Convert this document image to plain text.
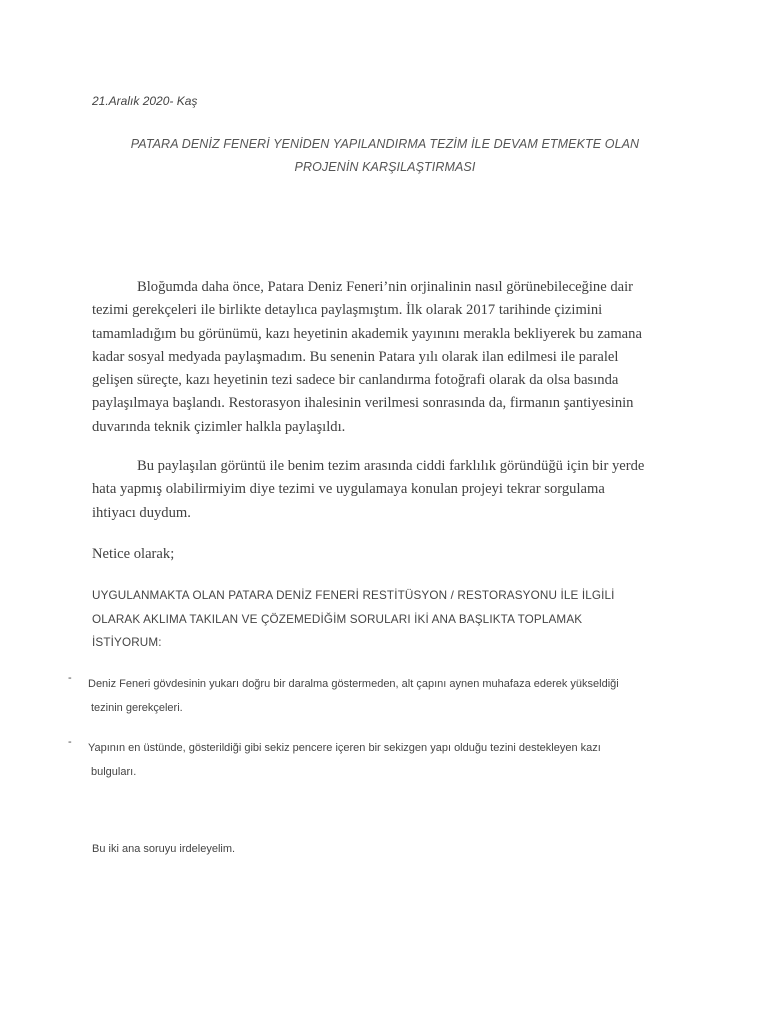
21.Aralık 2020- Kaş
PATARA DENİZ FENERİ YENİDEN YAPILANDIRMA TEZİM İLE DEVAM ETMEKTE OLAN
PROJENİN KARŞILAŞTIRMASI
Bloğumda daha önce, Patara Deniz Feneri’nin orjinalinin nasıl görünebileceğine dair
tezimi gerekçeleri ile birlikte detaylıca paylaşmıştım. İlk olarak 2017 tarihinde çizimini
tamamladığım bu görünümü, kazı heyetinin akademik yayınını merakla bekliyerek bu zamana
kadar sosyal medyada paylaşmadım. Bu senenin Patara yılı olarak ilan edilmesi ile paralel
gelişen süreçte, kazı heyetinin tezi sadece bir canlandırma fotoğrafi olarak da olsa basında
paylaşılmaya başlandı. Restorasyon ihalesinin verilmesi sonrasında da, firmanın şantiyesinin
duvarında teknik çizimler halkla paylaşıldı.
Bu paylaşılan görüntü ile benim tezim arasında ciddi farklılık göründüğü için bir yerde
hata yapmış olabilirmiyim diye tezimi ve uygulamaya konulan projeyi tekrar sorgulama
ihtiyacı duydum.
Netice olarak;
UYGULANMAKTA OLAN PATARA DENİZ FENERİ RESTİTÜSYON / RESTORASYONU İLE İLGİLİ
OLARAK AKLIMA TAKILAN VE ÇÖZEMEDİĞİM SORULARI İKİ ANA BAŞLIKTA TOPLAMAK
İSTİYORUM:
- Deniz Feneri gövdesinin yukarı doğru bir daralma göstermeden, alt çapını aynen muhafaza ederek yükseldiği
tezinin gerekçeleri.
- Yapının en üstünde, gösterildiği gibi sekiz pencere içeren bir sekizgen yapı olduğu tezini destekleyen kazı
bulguları.
Bu iki ana soruyu irdeleyelim.
